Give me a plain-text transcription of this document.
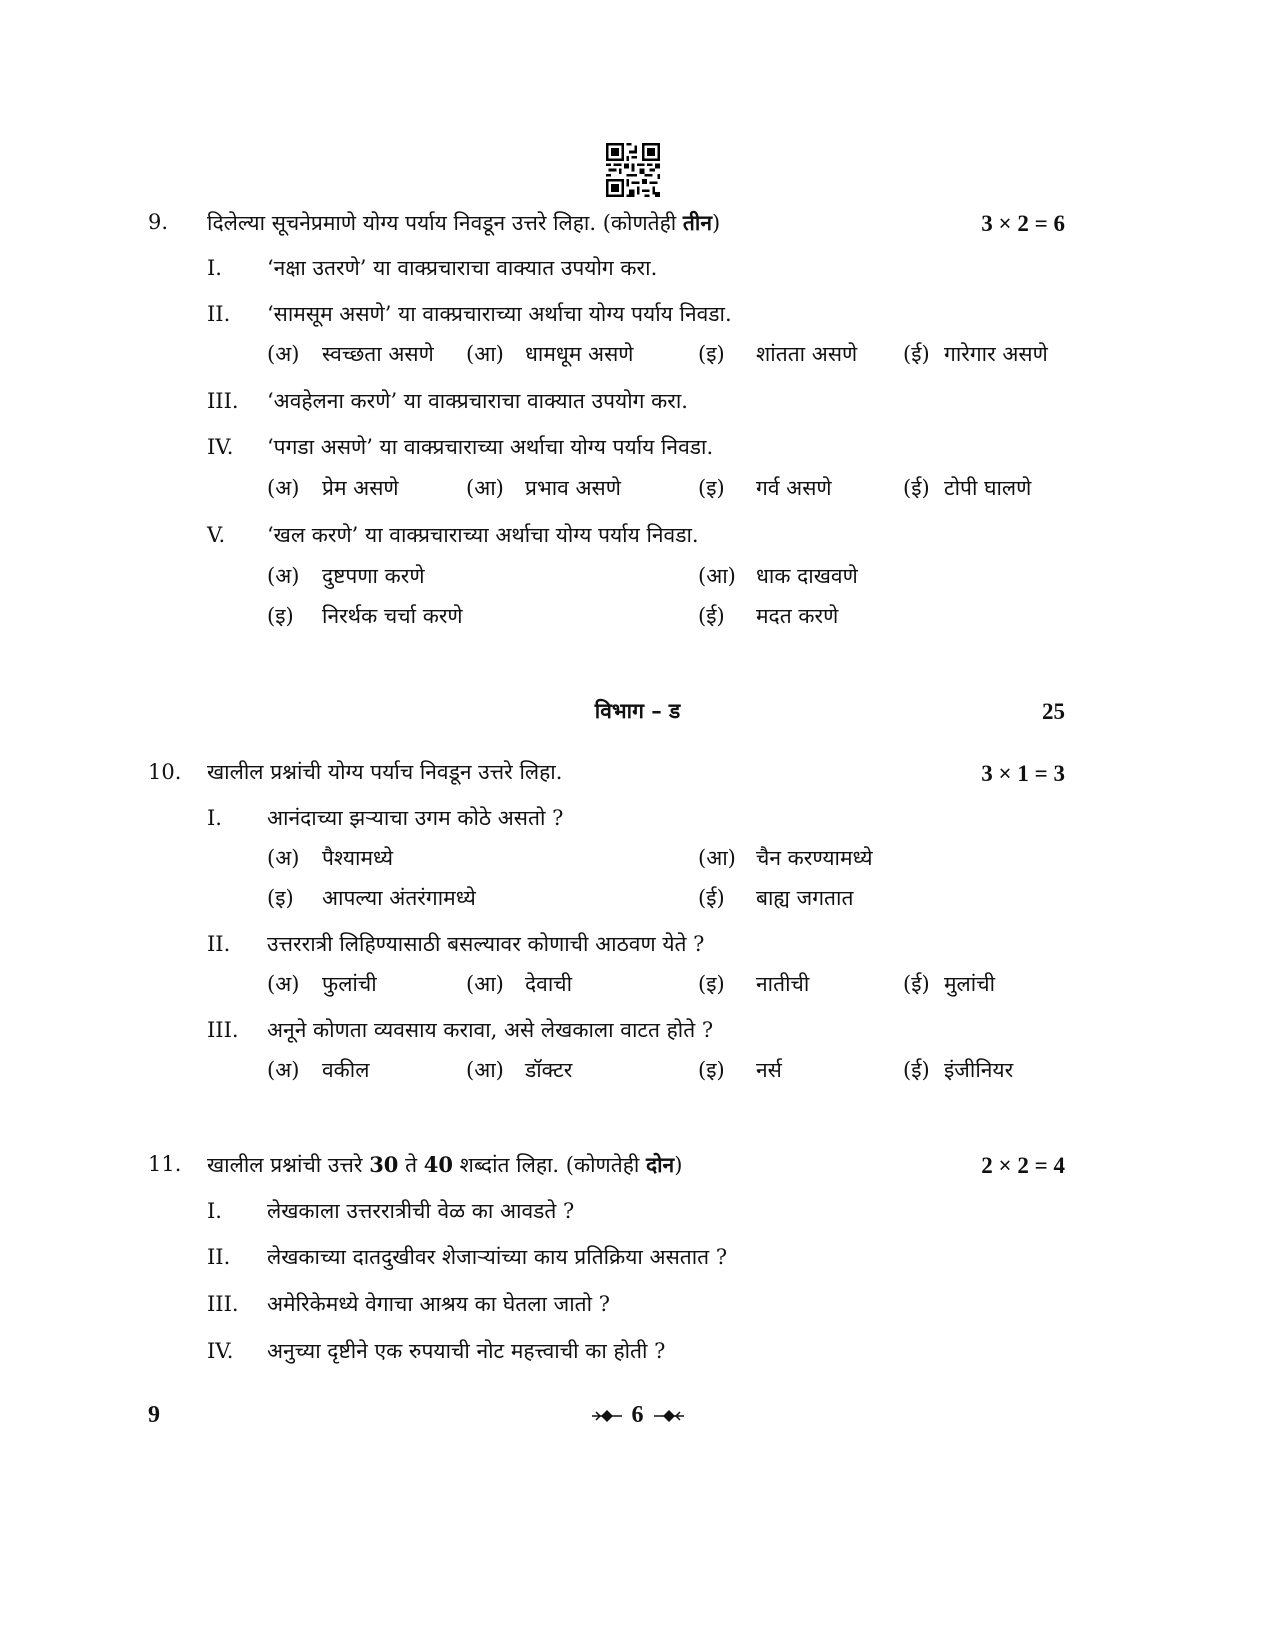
9. दिलेल्या सूचनेप्रमाणे योग्य पर्याय निवडून उत्तरे लिहा. (कोणतेही तीन)	3 × 2 = 6
I. ‘नक्षा उतरणे’ या वाक्प्रचाराचा वाक्यात उपयोग करा.
II. ‘सामसूम असणे’ या वाक्प्रचाराच्या अर्थाचा योग्य पर्याय निवडा.
(अ) स्वच्छता असणे (आ) धामधूम असणे	(इ) शांतता असणे (ई) गारेगार असणे
III. ‘अवहेलना करणे’ या वाक्प्रचाराचा वाक्यात उपयोग करा.
IV. ‘पगडा असणे’ या वाक्प्रचाराच्या अर्थाचा योग्य पर्याय निवडा.
(अ) प्रेम असणे	(आ) प्रभाव असणे	(इ) गर्व असणे	(ई) टोपी घालणे
V. ‘खल करणे’ या वाक्प्रचाराच्या अर्थाचा योग्य पर्याय निवडा.
(अ) दुष्टपणा करणे	(आ) धाक दाखवणे
(इ) निरर्थक चर्चा करणे	(ई) मदत करणे
विभाग – ड	25
10. खालील प्रश्नांची योग्य पर्याच निवडून उत्तरे लिहा.	3 × 1 = 3
I. आनंदाच्या झऱ्याचा उगम कोठे असतो ?
(अ) पैश्यामध्ये	(आ) चैन करण्यामध्ये
(इ) आपल्या अंतरंगामध्ये	(ई) बाह्य जगतात
II. उत्तररात्री लिहिण्यासाठी बसल्यावर कोणाची आठवण येते ?
(अ) फुलांची	(आ) देवाची	(इ) नातीची	(ई) मुलांची
III. अनूने कोणता व्यवसाय करावा, असे लेखकाला वाटत होते ?
(अ) वकील	(आ) डॉक्टर	(इ) नर्स	(ई) इंजीनियर
11. खालील प्रश्नांची उत्तरे 30 ते 40 शब्दांत लिहा. (कोणतेही दोन)	2 × 2 = 4
I. लेखकाला उत्तररात्रीची वेळ का आवडते ?
II. लेखकाच्या दातदुखीवर शेजाऱ्यांच्या काय प्रतिक्रिया असतात ?
III. अमेरिकेमध्ये वेगाचा आश्रय का घेतला जातो ?
IV. अनुच्या दृष्टीने एक रुपयाची नोट महत्त्वाची का होती ?
9	6
